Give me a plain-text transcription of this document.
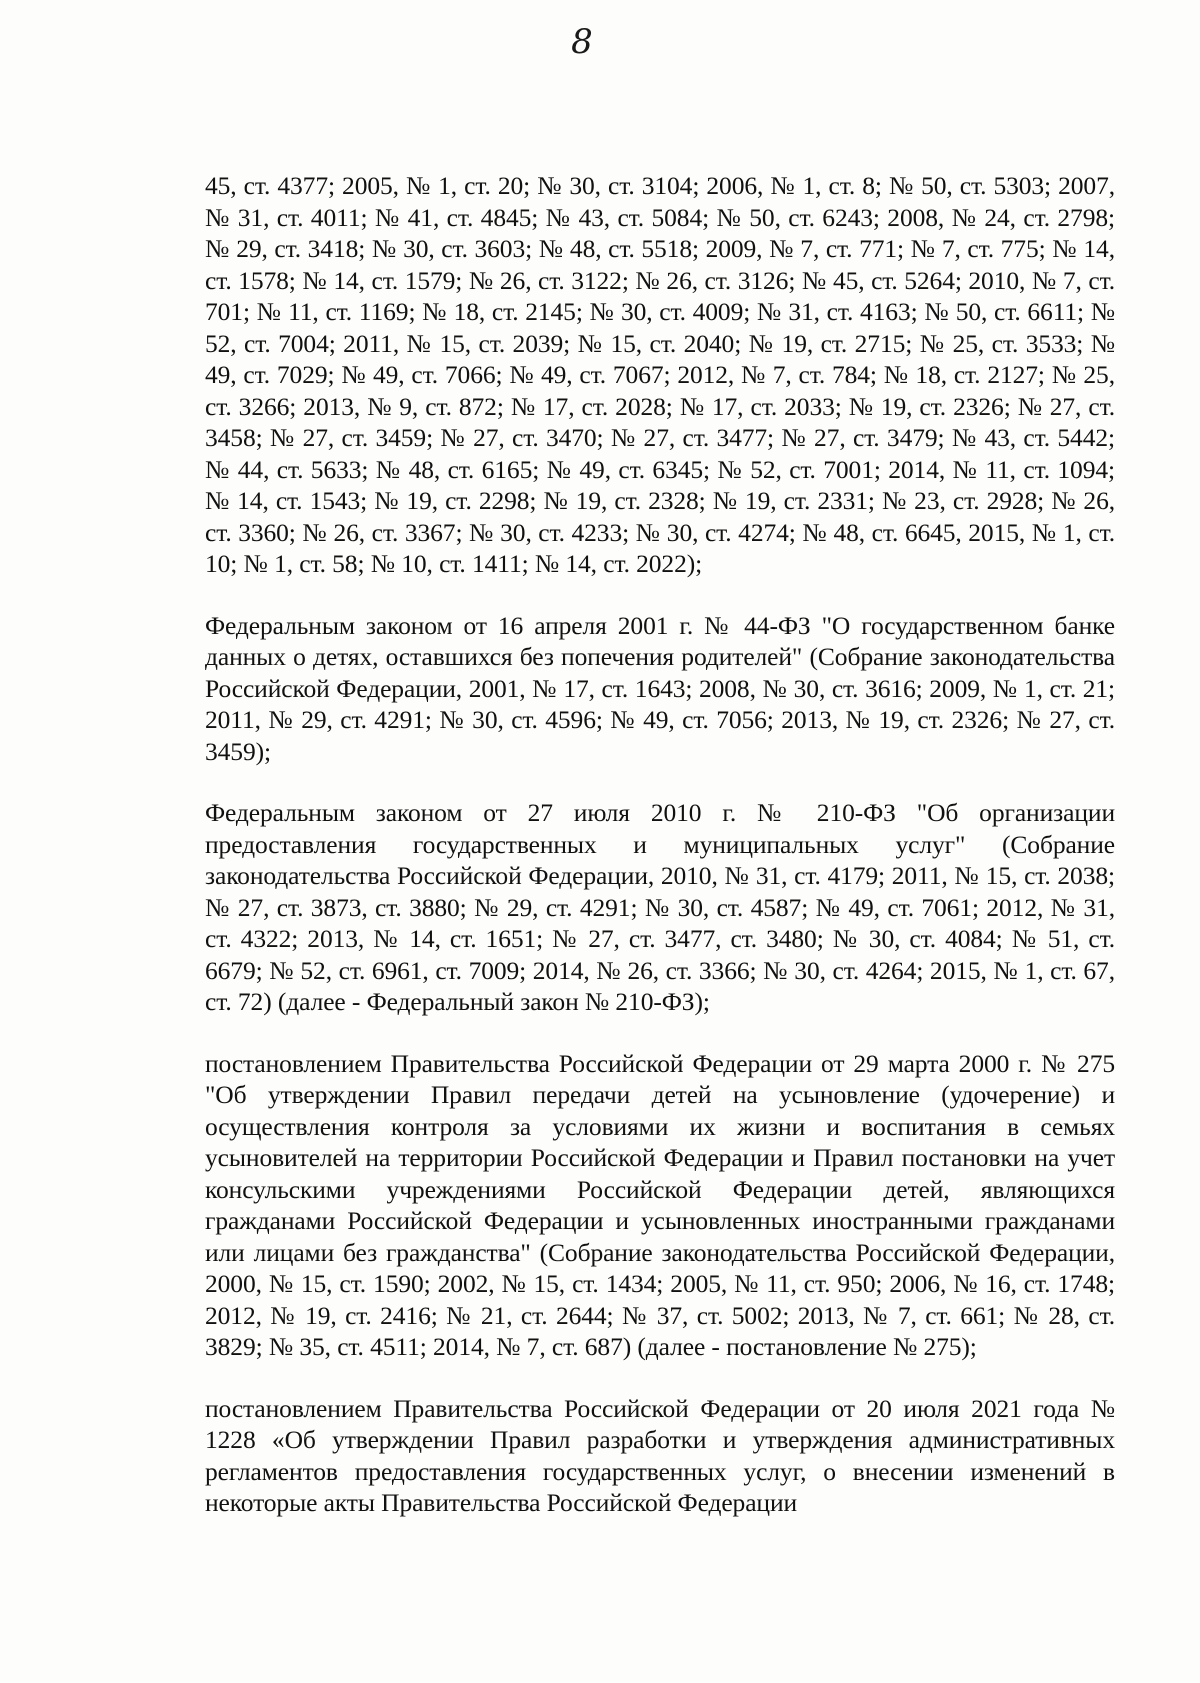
8

45, ст. 4377; 2005, № 1, ст. 20; № 30, ст. 3104; 2006, № 1, ст. 8; № 50, ст. 5303; 2007, № 31, ст. 4011; № 41, ст. 4845; № 43, ст. 5084; № 50, ст. 6243; 2008, № 24, ст. 2798; № 29, ст. 3418; № 30, ст. 3603; № 48, ст. 5518; 2009, № 7, ст. 771; № 7, ст. 775; № 14, ст. 1578; № 14, ст. 1579; № 26, ст. 3122; № 26, ст. 3126; № 45, ст. 5264; 2010, № 7, ст. 701; № 11, ст. 1169; № 18, ст. 2145; № 30, ст. 4009; № 31, ст. 4163; № 50, ст. 6611; № 52, ст. 7004; 2011, № 15, ст. 2039; № 15, ст. 2040; № 19, ст. 2715; № 25, ст. 3533; № 49, ст. 7029; № 49, ст. 7066; № 49, ст. 7067; 2012, № 7, ст. 784; № 18, ст. 2127; № 25, ст. 3266; 2013, № 9, ст. 872; № 17, ст. 2028; № 17, ст. 2033; № 19, ст. 2326; № 27, ст. 3458; № 27, ст. 3459; № 27, ст. 3470; № 27, ст. 3477; № 27, ст. 3479; № 43, ст. 5442; № 44, ст. 5633; № 48, ст. 6165; № 49, ст. 6345; № 52, ст. 7001; 2014, № 11, ст. 1094; № 14, ст. 1543; № 19, ст. 2298; № 19, ст. 2328; № 19, ст. 2331; № 23, ст. 2928; № 26, ст. 3360; № 26, ст. 3367; № 30, ст. 4233; № 30, ст. 4274; № 48, ст. 6645, 2015, № 1, ст. 10; № 1, ст. 58; № 10, ст. 1411; № 14, ст. 2022);

Федеральным законом от 16 апреля 2001 г. № 44-ФЗ "О государственном банке данных о детях, оставшихся без попечения родителей" (Собрание законодательства Российской Федерации, 2001, № 17, ст. 1643; 2008, № 30, ст. 3616; 2009, № 1, ст. 21; 2011, № 29, ст. 4291; № 30, ст. 4596; № 49, ст. 7056; 2013, № 19, ст. 2326; № 27, ст. 3459);

Федеральным законом от 27 июля 2010 г. № 210-ФЗ "Об организации предоставления государственных и муниципальных услуг" (Собрание законодательства Российской Федерации, 2010, № 31, ст. 4179; 2011, № 15, ст. 2038; № 27, ст. 3873, ст. 3880; № 29, ст. 4291; № 30, ст. 4587; № 49, ст. 7061; 2012, № 31, ст. 4322; 2013, № 14, ст. 1651; № 27, ст. 3477, ст. 3480; № 30, ст. 4084; № 51, ст. 6679; № 52, ст. 6961, ст. 7009; 2014, № 26, ст. 3366; № 30, ст. 4264; 2015, № 1, ст. 67, ст. 72) (далее - Федеральный закон № 210-ФЗ);

постановлением Правительства Российской Федерации от 29 марта 2000 г. № 275 "Об утверждении Правил передачи детей на усыновление (удочерение) и осуществления контроля за условиями их жизни и воспитания в семьях усыновителей на территории Российской Федерации и Правил постановки на учет консульскими учреждениями Российской Федерации детей, являющихся гражданами Российской Федерации и усыновленных иностранными гражданами или лицами без гражданства" (Собрание законодательства Российской Федерации, 2000, № 15, ст. 1590; 2002, № 15, ст. 1434; 2005, № 11, ст. 950; 2006, № 16, ст. 1748; 2012, № 19, ст. 2416; № 21, ст. 2644; № 37, ст. 5002; 2013, № 7, ст. 661; № 28, ст. 3829; № 35, ст. 4511; 2014, № 7, ст. 687) (далее - постановление № 275);

постановлением Правительства Российской Федерации от 20 июля 2021 года № 1228 «Об утверждении Правил разработки и утверждения административных регламентов предоставления государственных услуг, о внесении изменений в некоторые акты Правительства Российской Федерации
